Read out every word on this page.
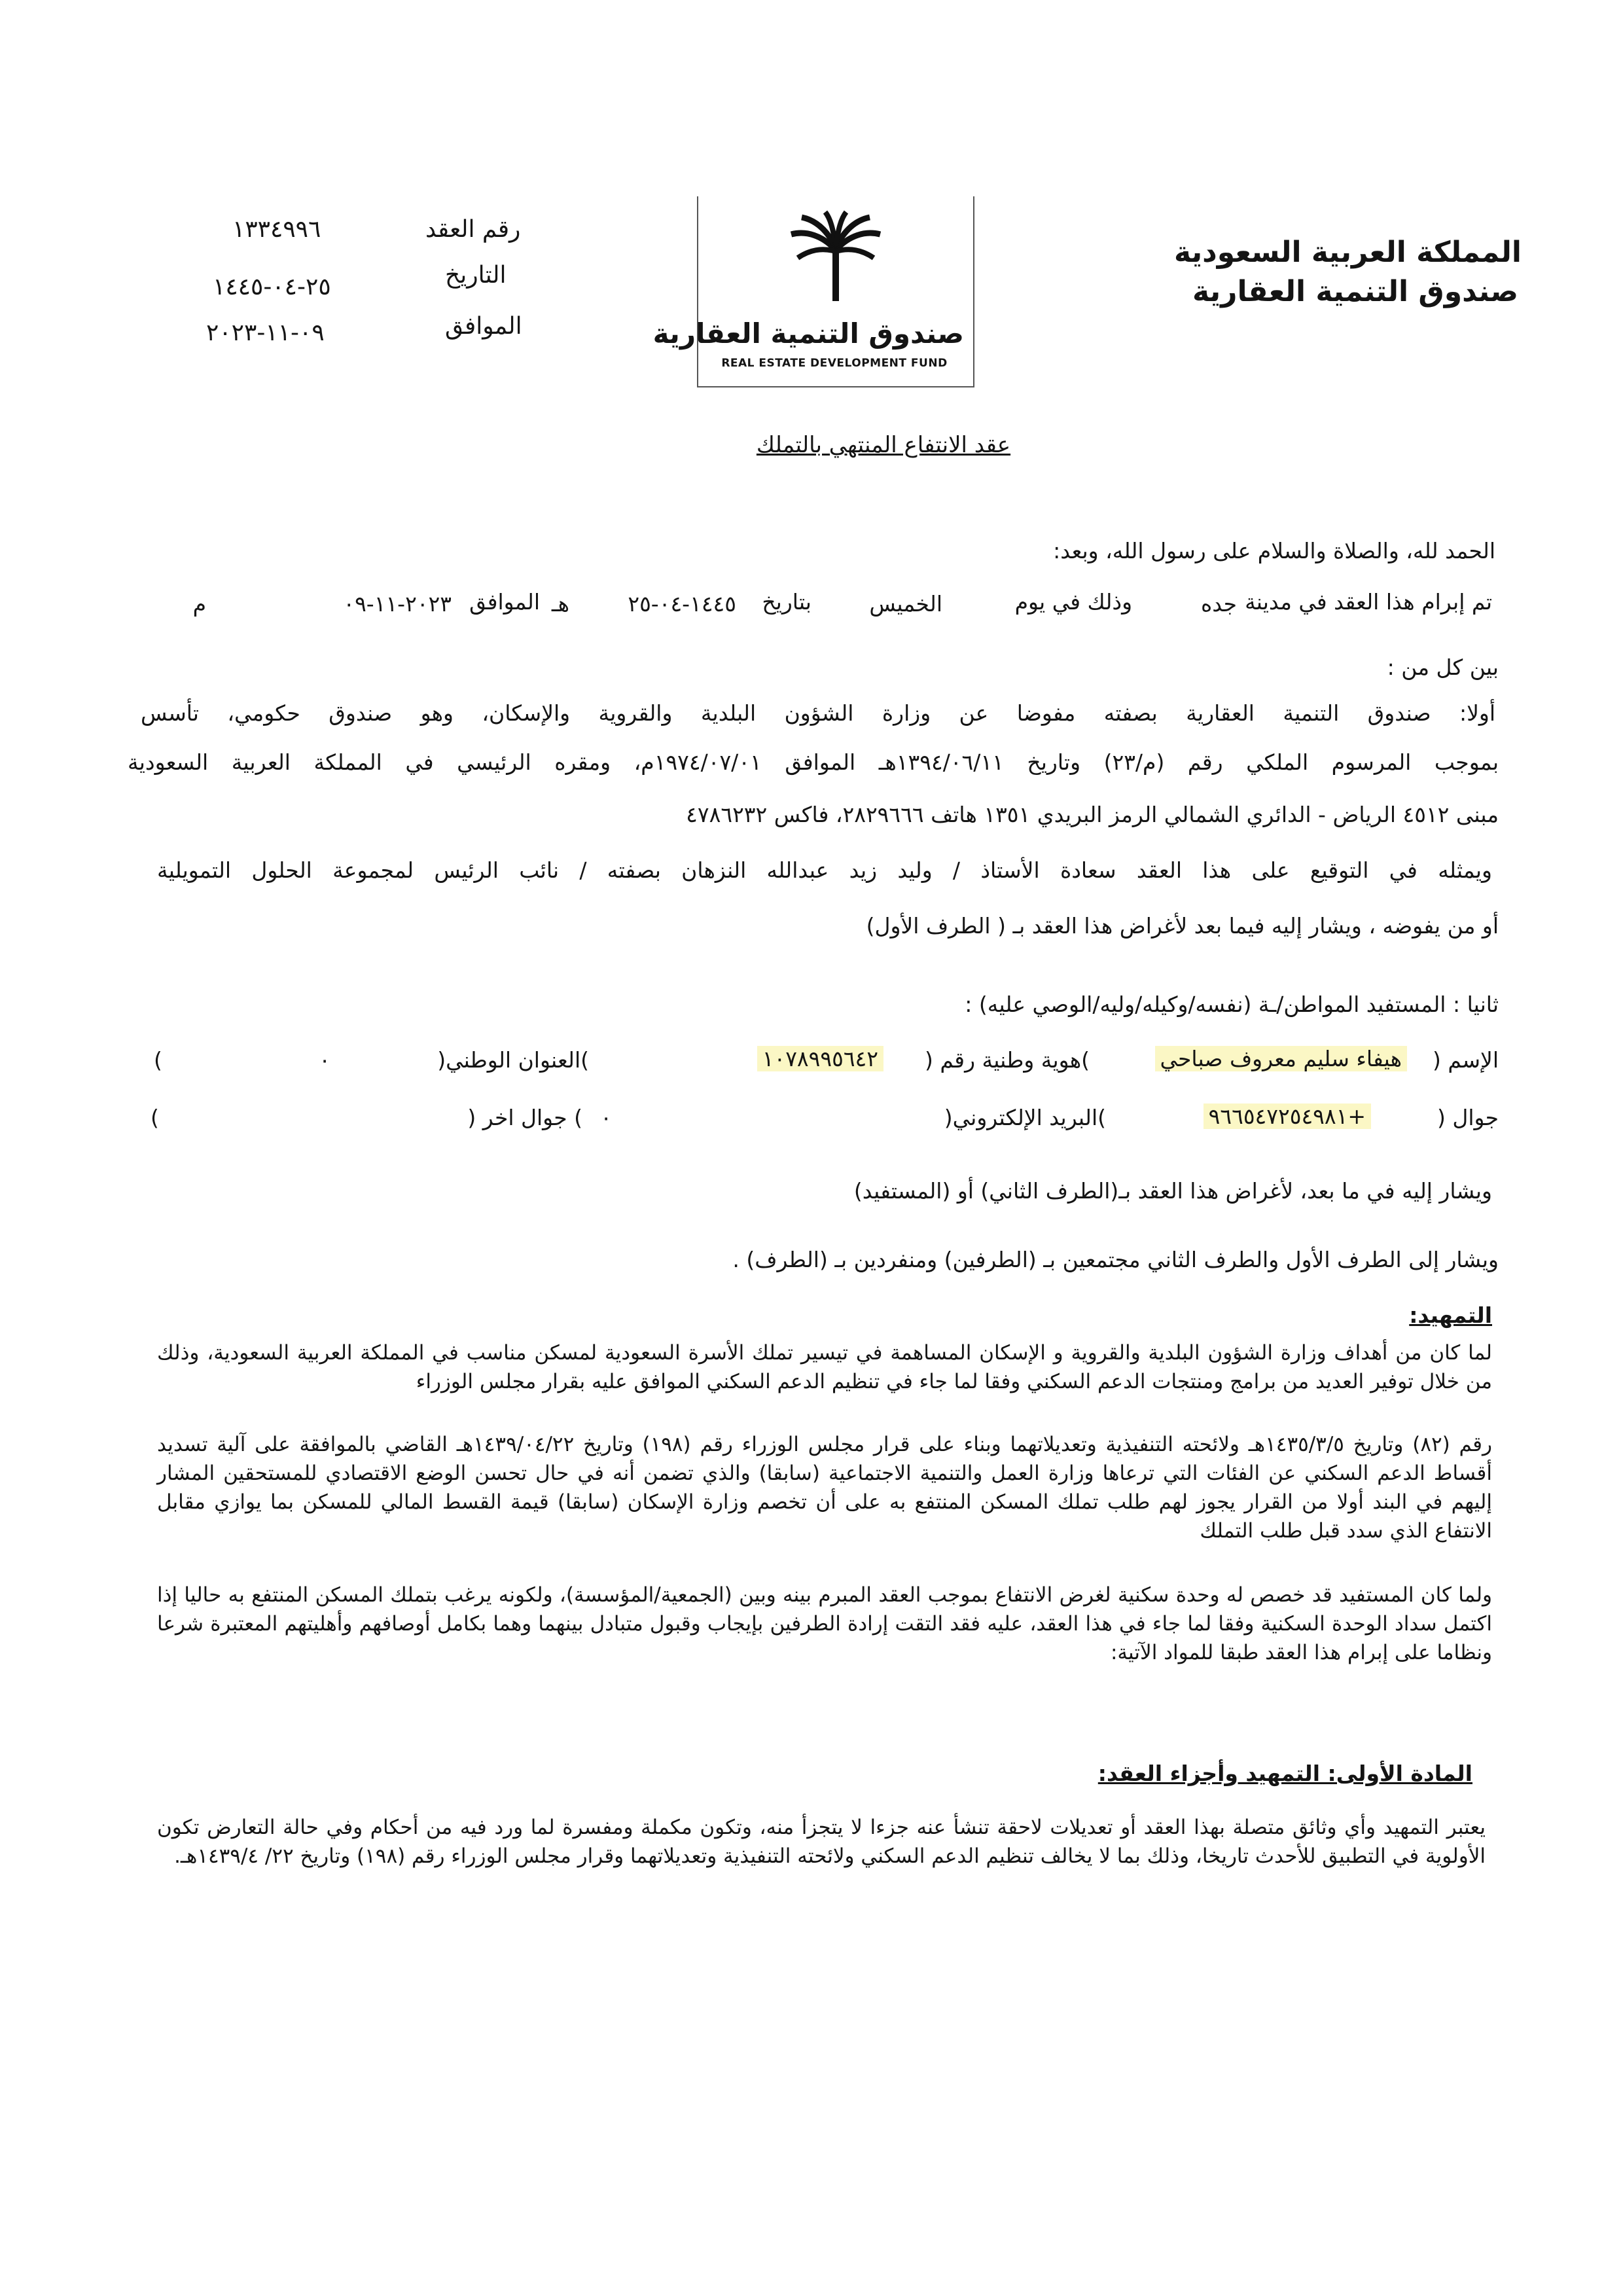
رقم العقد
١٣٣٤٩٩٦
التاريخ
٢٥-٠٤-١٤٤٥
الموافق
٠٩-١١-٢٠٢٣
المملكة العربية السعودية
صندوق التنمية العقارية
صندوق التنمية العقارية
REAL ESTATE DEVELOPMENT FUND
عقد الانتفاع المنتهي بالتملك
الحمد لله، والصلاة والسلام على رسول الله، وبعد:
تم إبرام هذا العقد في مدينة
جده
وذلك في يوم
الخميس
بتاريخ
١٤٤٥-٠٤-٢٥
هـ
الموافق
٢٠٢٣-١١-٠٩
م
بين كل من :
أولا: صندوق التنمية العقارية بصفته مفوضا عن وزارة الشؤون البلدية والقروية والإسكان، وهو صندوق حكومي، تأسس
بموجب المرسوم الملكي رقم (م/٢٣) وتاريخ ١٣٩٤/٠٦/١١هـ الموافق ١٩٧٤/٠٧/٠١م، ومقره الرئيسي في المملكة العربية السعودية
مبنى ٤٥١٢ الرياض - الدائري الشمالي الرمز البريدي ١٣٥١ هاتف ٢٨٢٩٦٦٦، فاكس ٤٧٨٦٢٣٢
ويمثله في التوقيع على هذا العقد سعادة الأستاذ / وليد زيد عبدالله النزهان بصفته / نائب الرئيس لمجموعة الحلول التمويلية
أو من يفوضه ، ويشار إليه فيما بعد لأغراض هذا العقد بـ ( الطرف الأول)
ثانيا : المستفيد المواطن/ـة (نفسه/وكيله/وليه/الوصي عليه) :
الإسم (
هيفاء سليم معروف صباحي
)هوية وطنية رقم (
١٠٧٨٩٩٥٦٤٢
)العنوان الوطني(
٠
)
جوال (
+٩٦٦٥٤٧٢٥٤٩٨١
)البريد الإلكتروني(
٠
) جوال اخر (
)
ويشار إليه في ما بعد، لأغراض هذا العقد بـ(الطرف الثاني) أو (المستفيد)
ويشار إلى الطرف الأول والطرف الثاني مجتمعين بـ (الطرفين) ومنفردين بـ (الطرف) .
التمهيد:
لما كان من أهداف وزارة الشؤون البلدية والقروية و الإسكان المساهمة في تيسير تملك الأسرة السعودية لمسكن مناسب في المملكة العربية السعودية، وذلك من خلال توفير العديد من برامج ومنتجات الدعم السكني وفقا لما جاء في تنظيم الدعم السكني الموافق عليه بقرار مجلس الوزراء
رقم (٨٢) وتاريخ ١٤٣٥/٣/٥هـ ولائحته التنفيذية وتعديلاتهما وبناء على قرار مجلس الوزراء رقم (١٩٨) وتاريخ ١٤٣٩/٠٤/٢٢هـ القاضي بالموافقة على آلية تسديد أقساط الدعم السكني عن الفئات التي ترعاها وزارة العمل والتنمية الاجتماعية (سابقا) والذي تضمن أنه في حال تحسن الوضع الاقتصادي للمستحقين المشار إليهم في البند أولا من القرار يجوز لهم طلب تملك المسكن المنتفع به على أن تخصم وزارة الإسكان (سابقا) قيمة القسط المالي للمسكن بما يوازي مقابل الانتفاع الذي سدد قبل طلب التملك
ولما كان المستفيد قد خصص له وحدة سكنية لغرض الانتفاع بموجب العقد المبرم بينه وبين (الجمعية/المؤسسة)، ولكونه يرغب بتملك المسكن المنتفع به حاليا إذا اكتمل سداد الوحدة السكنية وفقا لما جاء في هذا العقد، عليه فقد التقت إرادة الطرفين بإيجاب وقبول متبادل بينهما وهما بكامل أوصافهم وأهليتهم المعتبرة شرعا ونظاما على إبرام هذا العقد طبقا للمواد الآتية:
المادة الأولى: التمهيد وأجزاء العقد:
يعتبر التمهيد وأي وثائق متصلة بهذا العقد أو تعديلات لاحقة تنشأ عنه جزءا لا يتجزأ منه، وتكون مكملة ومفسرة لما ورد فيه من أحكام وفي حالة التعارض تكون الأولوية في التطبيق للأحدث تاريخا، وذلك بما لا يخالف تنظيم الدعم السكني ولائحته التنفيذية وتعديلاتهما وقرار مجلس الوزراء رقم (١٩٨) وتاريخ ٢٢/ ١٤٣٩/٤هـ.
